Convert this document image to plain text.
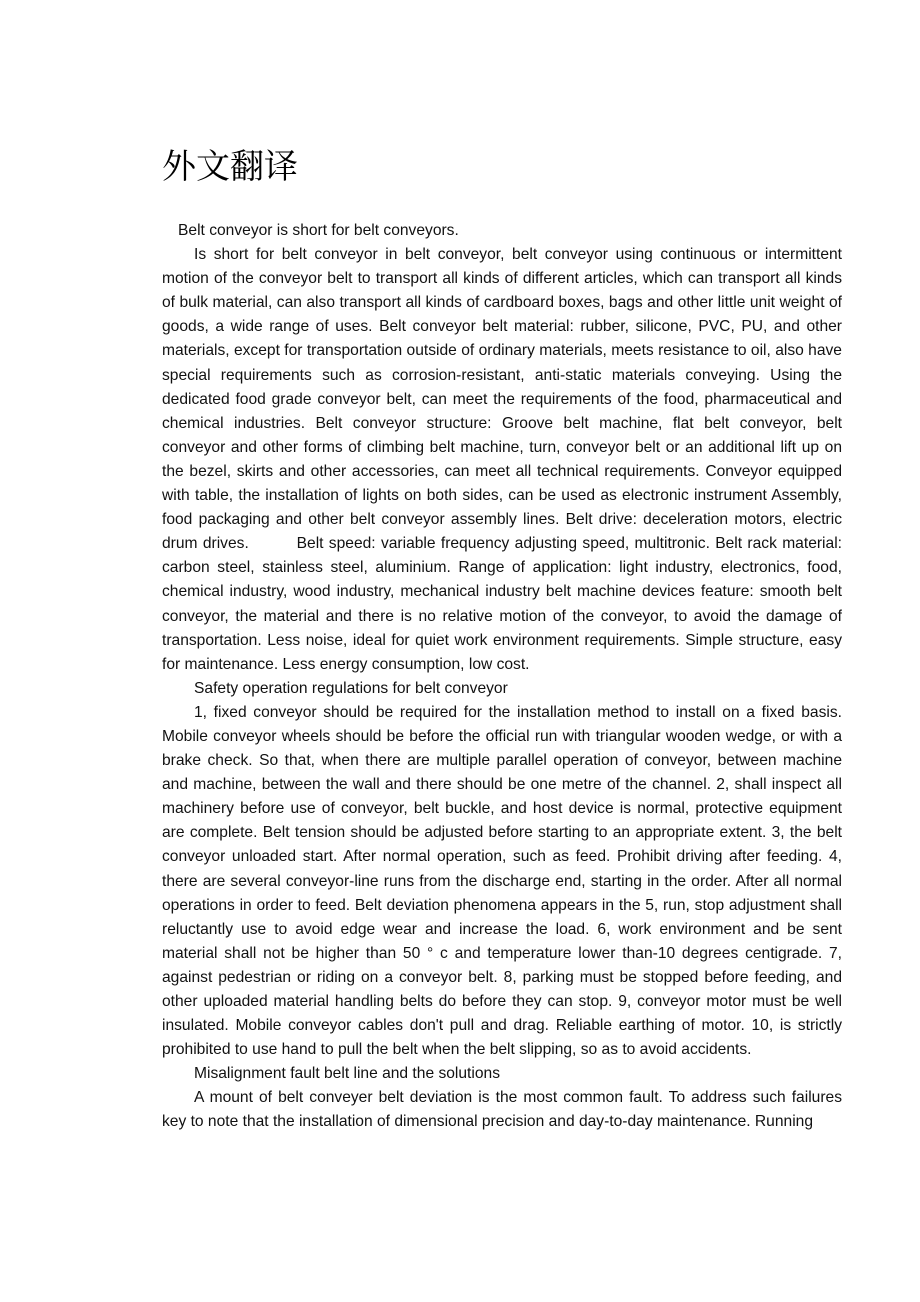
外文翻译

Belt conveyor is short for belt conveyors.

Is short for belt conveyor in belt conveyor, belt conveyor using continuous or intermittent motion of the conveyor belt to transport all kinds of different articles, which can transport all kinds of bulk material, can also transport all kinds of cardboard boxes, bags and other little unit weight of goods, a wide range of uses. Belt conveyor belt material: rubber, silicone, PVC, PU, and other materials, except for transportation outside of ordinary materials, meets resistance to oil, also have special requirements such as corrosion-resistant, anti-static materials conveying. Using the dedicated food grade conveyor belt, can meet the requirements of the food, pharmaceutical and chemical industries. Belt conveyor structure: Groove belt machine, flat belt conveyor, belt conveyor and other forms of climbing belt machine, turn, conveyor belt or an additional lift up on the bezel, skirts and other accessories, can meet all technical requirements. Conveyor equipped with table, the installation of lights on both sides, can be used as electronic instrument Assembly, food packaging and other belt conveyor assembly lines. Belt drive: deceleration motors, electric drum drives.         Belt speed: variable frequency adjusting speed, multitronic. Belt rack material: carbon steel, stainless steel, aluminium. Range of application: light industry, electronics, food, chemical industry, wood industry, mechanical industry belt machine devices feature: smooth belt conveyor, the material and there is no relative motion of the conveyor, to avoid the damage of transportation. Less noise, ideal for quiet work environment requirements. Simple structure, easy for maintenance. Less energy consumption, low cost.

Safety operation regulations for belt conveyor

1, fixed conveyor should be required for the installation method to install on a fixed basis. Mobile conveyor wheels should be before the official run with triangular wooden wedge, or with a brake check. So that, when there are multiple parallel operation of conveyor, between machine and machine, between the wall and there should be one metre of the channel. 2, shall inspect all machinery before use of conveyor, belt buckle, and host device is normal, protective equipment are complete. Belt tension should be adjusted before starting to an appropriate extent. 3, the belt conveyor unloaded start. After normal operation, such as feed. Prohibit driving after feeding. 4, there are several conveyor-line runs from the discharge end, starting in the order. After all normal operations in order to feed. Belt deviation phenomena appears in the 5, run, stop adjustment shall reluctantly use to avoid edge wear and increase the load. 6, work environment and be sent material shall not be higher than 50 ° c and temperature lower than-10 degrees centigrade. 7, against pedestrian or riding on a conveyor belt. 8, parking must be stopped before feeding, and other uploaded material handling belts do before they can stop. 9, conveyor motor must be well insulated. Mobile conveyor cables don't pull and drag. Reliable earthing of motor. 10, is strictly prohibited to use hand to pull the belt when the belt slipping, so as to avoid accidents.

Misalignment fault belt line and the solutions

A mount of belt conveyer belt deviation is the most common fault. To address such failures key to note that the installation of dimensional precision and day-to-day maintenance. Running
